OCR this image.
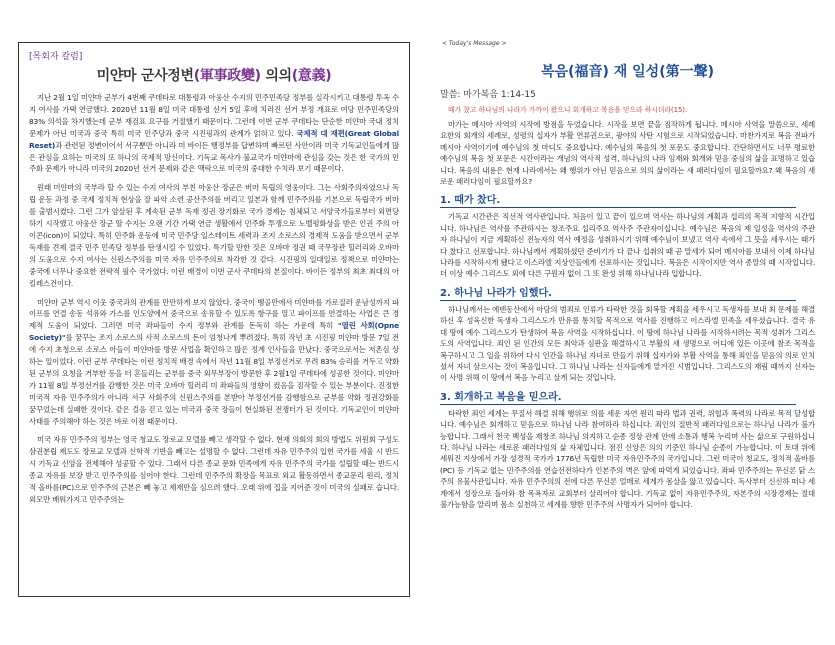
[목회자 칼럼]
미얀마 군사정변(軍事政變) 의의(意義)

지난 2월 1일 미얀마 군부가 4번째 쿠데타로 대통령과 아웅산 수지의 민주민족당 정부를 실각시키고 대통령 투옥 수지 여사를 가택 연금했다. 2020년 11월 8일 미국 대통령 선거 5일 후에 치러진 선거 부정 개표로 여당 민주민족당의 83% 의석을 차지했는데 군부 재검표 요구를 거절했기 때문이다. 그런데 이번 군부 쿠데타는 단순한 미얀마 국내 정치 문제가 아닌 미국과 중국 특히 미국 민주당과 중국 시진핑과의 관계가 얽혀고 있다. 국제적 대 재편(Great Global Reset)과 관련된 정변이어서 서구뿐만 아니라 미 바이든 행정부를 답변하며 빠르던 사안이라 미국 기독교인들에게 많은 관심을 요하는 미국의 또 하나의 국제적 망신이다. 기독교 목사가 불교국가 미얀마에 관심을 갖는 것은 한 국가의 민주화 문제가 아니라 미국의 2020년 선거 문제와 같은 맥락으로 미국의 중대한 수치라 보기 때문이다.

원래 미얀마의 국부라 할 수 있는 수지 여사의 부친 아웅산 장군은 버마 독립의 영웅이다. 그는 사회주의자였으나 독립 운동 과정 중 국제 정치적 현상을 잘 파악 소련 공산주의를 버리고 일본과 함께 민주주의를 기본으로 독립국가 버마를 출범시켰다. 그런 그가 암살된 후 계속된 군부 독재 정권 장기화로 국가 경제는 침체되고 서양국가들로부터 외면당하기 시작했고 아웅산 장군 딸 수지는 오랜 기간 가택 연금 생활에서 민주화 투쟁으로 노벨평화상을 받은 인권 주의 아이콘(icon)이 되었다. 특히 민주화 운동에 미국 민주당 일스테이트 세력과 조지 소로스의 경제적 도움을 받으면서 군부 독재를 견제 결국 민주 민족당 정부를 탄생시킬 수 있었다. 특기할 만한 것은 오바마 정권 때 국무장관 힐러리와 오바마의 도움으로 수지 여사는 신원스주의를 미국 자유 민주주의로 착각한 것 같다. 시진핑의 일대일로 정책으로 미얀마는 중국에 너무나 중요한 전략적 필수 국가였다. 이런 배경이 이번 군사 쿠데타의 본질이다. 바이든 정부의 최초 최대의 아킬레스건이다.

미얀마 군부 역시 이웃 중국과의 관계를 만만하게 보지 않았다. 중국이 벵골만에서 미얀마를 가로질러 운남성까지 파이프를 연결 송동 석유와 가스를 인도양에서 중국으로 송유할 수 있도록 항구를 열고 파이프를 연결하는 사업은 큰 경제적 도움이 되었다. 그러면 미국 좌파들이 수지 정부와 관계를 돈독히 하는 가운데 특히 "열린 사회(Opne Society)"를 꿈꾸는 조지 소로스의 사적 소로스의 돈이 엄청나게 뿌려졌다. 특히 작년 초 시진핑 미얀마 방문 7일 전에 수지 초청으로 소로스 아들이 미얀마를 방문 사업을 확인하고 많은 정계 인사들을 만났다. 중국으로서는 저촌심 상하는 일이었다. 이런 군부 쿠데타는 이런 정치적 배경 속에서 작년 11월 8일 부정선거로 무려 83% 승리를 거두고 약화된 군부의 요청을 거부한 등을 터 흔들리는 군부를 중국 외무부장이 방문한 후 2월1일 쿠데타에 성공한 것이다. 미얀마가 11월 8일 부정선거를 감행한 것은 미국 오바마 힐러리 미 좌파들의 영향이 컸음을 짐작할 수 있는 부분이다. 진정한 미국적 자유 민주주의가 아니라 서구 사회주의 신원스주의를 본받아 부정선거를 감행함으로 군부를 약화 정권강화를 꿈꾸었는데 실패한 것이다. 같은 걸음 걷고 있는 미국과 중국 장들이 현실화된 전쟁터가 된 것이다. 기독교인이 미얀마 사태를 주의해야 하는 것은 바로 이점 때문이다.

미국 자유 민주주의 정부는 영국 청교도 장로교 모델를 빼고 생각할 수 없다. 현재 의회의 회의 방법도 위원회 구성도 삼권분립 제도도 장로교 모델과 신학적 기반을 빼고는 설명할 수 없다. 그런데 자유 민주주의 입헌 국가를 세울 시 반드시 기독교 신앙을 전제해야 성공할 수 있다. 그래서 다른 종교 문화 민족에게 자유 민주주의 국가를 설립할 때는 반드시 종교 자유를 보장 받고 민주주의를 심어야 한다. 그런데 민주주의 확장을 목표로 외교 활동하면서 종교문리 원리, 정치적 올바름(PC)으로 민주주의 근본은 빼 놓고 제재만을 심으려 했다. 오래 위에 집을 지어준 것이 미국의 실패로 습니다. 외모만 배워가지고 민주주의는

< Today's Message >
복음(福音) 재 일성(第一聲)
말씀: 마가복음 1:14-15
때가 찼고 하나님의 나라가 가까이 왔으니 회개하고 복음을 믿으라 하시더라(15).

마가는 메시아 사역의 시작에 방점을 두었습니다. 시작을 보면 끝을 짐작하게 됩니다. 메시아 사역을 말씀으로, 세례 요한의 회개의 세례로, 성령의 십자가 부활 연류권으로, 광야의 사탄 시험으로 시작되었습니다. 마찬가지로 복음 전파가 메시아 사역이기에 예수님의 첫 마디도 중요합니다. 예수님의 복음의 첫 포문도 중요합니다. 간단하면서도 너무 명료한 예수님의 복음 첫 포문은 시간이라는 개념의 역사적 성격, 하나님의 나라 임재와 회개와 믿음 중심의 삶을 표명하고 있습니다. 복음의 내용은 현재 나라에서는 왜 행위가 아닌 믿음으로 의의 삶이라는 새 패러다임이 필요할까요? 왜 복음의 새로운 패러다임이 필요할까요?

1. 때가 찼다.

기독교 시간관은 직선적 역사관입니다. 처음이 있고 끝이 있으며 역사는 하나님의 계획과 섭리의 목적 지향적 시간입니다. 하나님은 역사를 주관하시는 창조주요 섭리주요 역사주 주관자이십니다. 예수님은 복음의 제 일성을 역사의 주관자 하나님이 지금 계획하신 전능자의 역사 예정을 성취하시기 위해 예수님이 보냈고 역사 속에서 그 뜻을 세우시는 때가 다 찼다고 선포합니다. 하나님께서 계획하셨던 준비기가 다 끝나 섭취의 때 곧 말세가 되어 메시아를 보내서 이제 하나님 나라를 시작하시게 됐다고 이스라엘 지상인들에게 선포하시는 것입니다. 복음은 시작이지만 역사 종말의 때 시작입니다. 더 이상 예수 그리스도 외에 다른 구원자 없이 그 또 완성 위해 하나님나라 입합니다.

2. 하나님 나라가 임했다.

하나님께서는 에덴동산에서 아담의 범죄로 인류가 타락한 것을 회복할 계획을 세우시고 독생자를 보내 최 문제를 해결하신 후 성육신한 독생자 그리스도가 만유를 통치할 목적으로 역사를 진행하고 이스라엘 민족을 세우셨습니다. 결국 유대 땅에 예수 그리스도가 탄생하여 복음 사역을 시작하십니다. 이 땅에 하나님 나라를 시작하시려는 목적 성취가 그리스도의 사역입니다. 죄인 된 인간의 모든 최악과 심판을 해결하시고 부활의 새 생명으로 어디에 있든 이곳에 참조 목적을 복구하시고 그 일을 위하여 다시 인간을 하나님 자녀로 만들기 위해 십자가와 부활 사역을 통해 죄인을 믿음의 의로 인치셨서 자녀 삼으시는 것이 복음입니다. 그 하나님 나라는 신자들에게 맡겨진 시범입니다. 그리스도의 재림 때까지 신자는 이 사명 위해 이 땅에서 복음 누리고 살게 되는 것입니다.

3. 회개하고 복음을 믿으라.

타락한 죄인 세계는 무질서 해결 위해 행위로 의를 세운 자연 원리 따라 법과 권력, 위협과 폭력의 나라로 목적 달성합니다. 예수님은 회개하고 믿음으로 하나님 나라 참여하라 하십니다. 죄인의 질반적 패러다임으로는 하나님 나라가 불가능합니다. 그래서 천국 백성을 재창조 하나님 의지하고 순종 정상 관계 안에 소통과 행복 누리며 사는 삶으로 구원하십니다. 하나님 나라는 새로운 패러다임의 삶 자체입니다. 점진 신앙은 의의 기준인 하나님 순종이 가능합니다. 이 토대 위에 세워진 지상에서 가장 성경적 국가가 1776년 독립한 미국 자유민주주의 국가입니다. 그런 미국이 청교도, 정치적 올바름(PC) 등 기독교 없는 민주주의를 연습선전하다가 인본주의 벽은 앞에 따먹게 되었습니다. 좌파 민주주의는 무신론 닭 스주의 유물사관입니다. 자유 민주주의의 전에 다른 무신론 얼매로 세계가 몸살을 앓고 있습니다. 독사부터 신신하 떠나 세계에서 성장으로 돌아와 참 목욕자로 교회부터 살리어야 합니다. 기독교 없이 자유민주주의, 자본주의 시장경제는 절대 불가능함을 알리며 몸소 실천하고 세계를 향한 민주주의 사명자가 되어야 합니다.
